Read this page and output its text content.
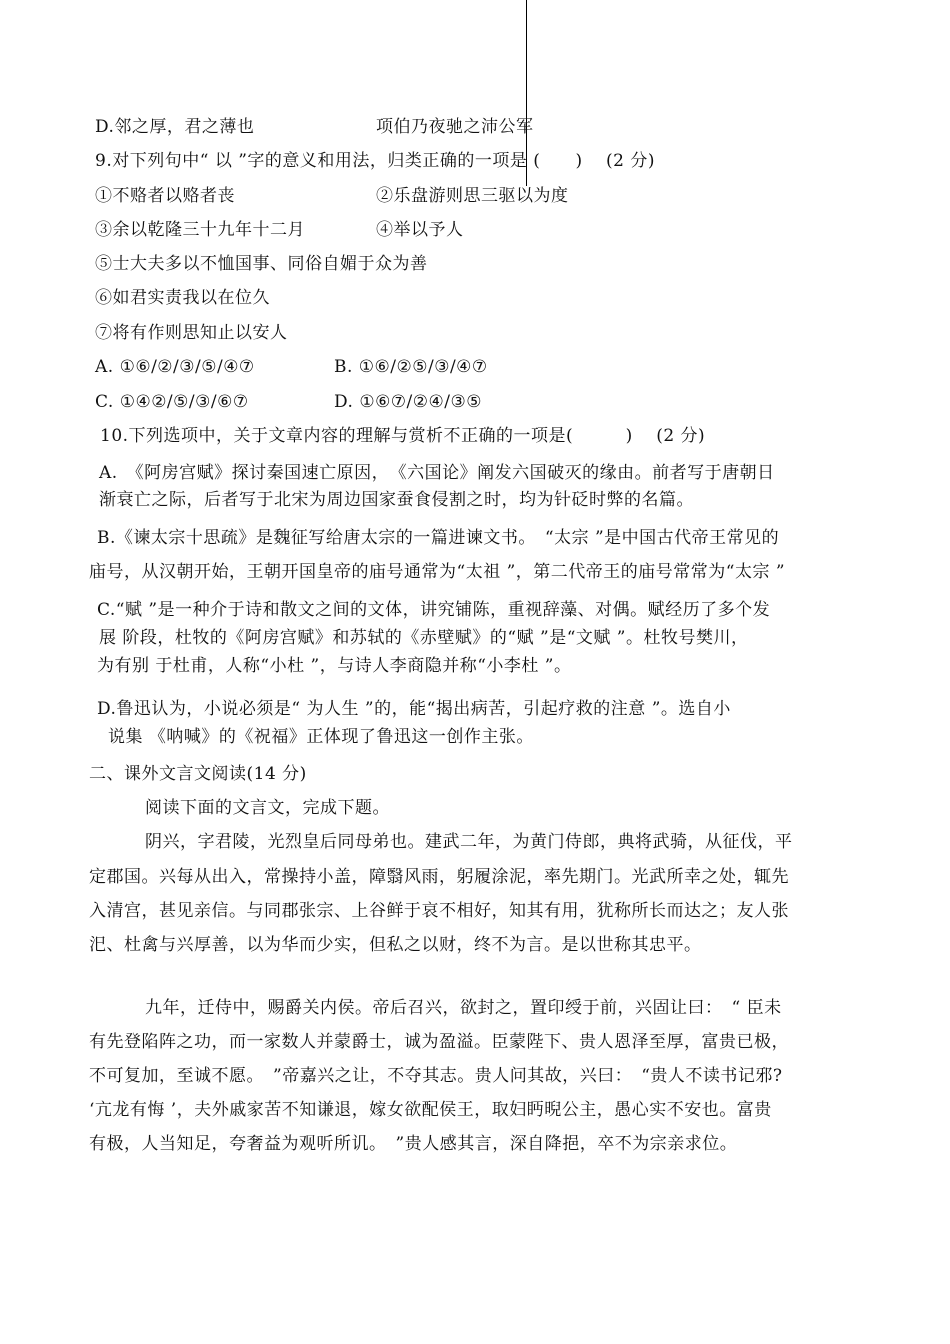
D.邻之厚，君之薄也	项伯乃夜驰之沛公军
9.对下列句中“ 以 ”字的意义和用法，归类正确的一项是 (　　) 　(2 分)
①不赂者以赂者丧	②乐盘游则思三驱以为度
③余以乾隆三十九年十二月	④举以予人
⑤士大夫多以不恤国事、同俗自媚于众为善
⑥如君实责我以在位久
⑦将有作则思知止以安人
A. ①⑥/②/③/⑤/④⑦	B. ①⑥/②⑤/③/④⑦
C. ①④②/⑤/③/⑥⑦	D. ①⑥⑦/②④/③⑤
10.下列选项中，关于文章内容的理解与赏析不正确的一项是(　　　) 　(2 分)
A.　《阿房宫赋》探讨秦国速亡原因，　《六国论》阐发六国破灭的缘由。前者写于唐朝日
渐衰亡之际，后者写于北宋为周边国家蚕食侵割之时，均为针砭时弊的名篇。
B.《谏太宗十思疏》是魏征写给唐太宗的一篇进谏文书。　“太宗 ”是中国古代帝王常见的
庙号，从汉朝开始，王朝开国皇帝的庙号通常为“太祖 ”，第二代帝王的庙号常常为“太宗 ”
C.“赋 ”是一种介于诗和散文之间的文体，讲究铺陈，重视辞藻、对偶。赋经历了多个发
展 阶段，杜牧的《阿房宫赋》和苏轼的《赤壁赋》的“赋 ”是“文赋 ”。杜牧号樊川，
为有别 于杜甫，人称“小杜 ”，与诗人李商隐并称“小李杜 ”。
D.鲁迅认为，小说必须是“ 为人生 ”的，能“揭出病苦，引起疗救的注意 ”。选自小
说集 《呐喊》的《祝福》正体现了鲁迅这一创作主张。
二、课外文言文阅读(14 分)
阅读下面的文言文，完成下题。
阴兴，字君陵，光烈皇后同母弟也。建武二年，为黄门侍郎，典将武骑，从征伐，平
定郡国。兴每从出入，常操持小盖，障翳风雨，躬履涂泥，率先期门。光武所幸之处，辄先
入清宫，甚见亲信。与同郡张宗、上谷鲜于哀不相好，知其有用，犹称所长而达之；友人张
汜、杜禽与兴厚善，以为华而少实，但私之以财，终不为言。是以世称其忠平。
九年，迁侍中，赐爵关内侯。帝后召兴，欲封之，置印绶于前，兴固让曰：　“ 臣未
有先登陷阵之功，而一家数人并蒙爵士，诚为盈溢。臣蒙陛下、贵人恩泽至厚，富贵已极，
不可复加，至诚不愿。　”帝嘉兴之让，不夺其志。贵人问其故，兴曰：　“贵人不读书记邪?
‘亢龙有悔 ’，夫外戚家苦不知谦退，嫁女欲配侯王，取妇眄晲公主，愚心实不安也。富贵
有极，人当知足，夸奢益为观听所讥。　”贵人感其言，深自降挹，卒不为宗亲求位。
